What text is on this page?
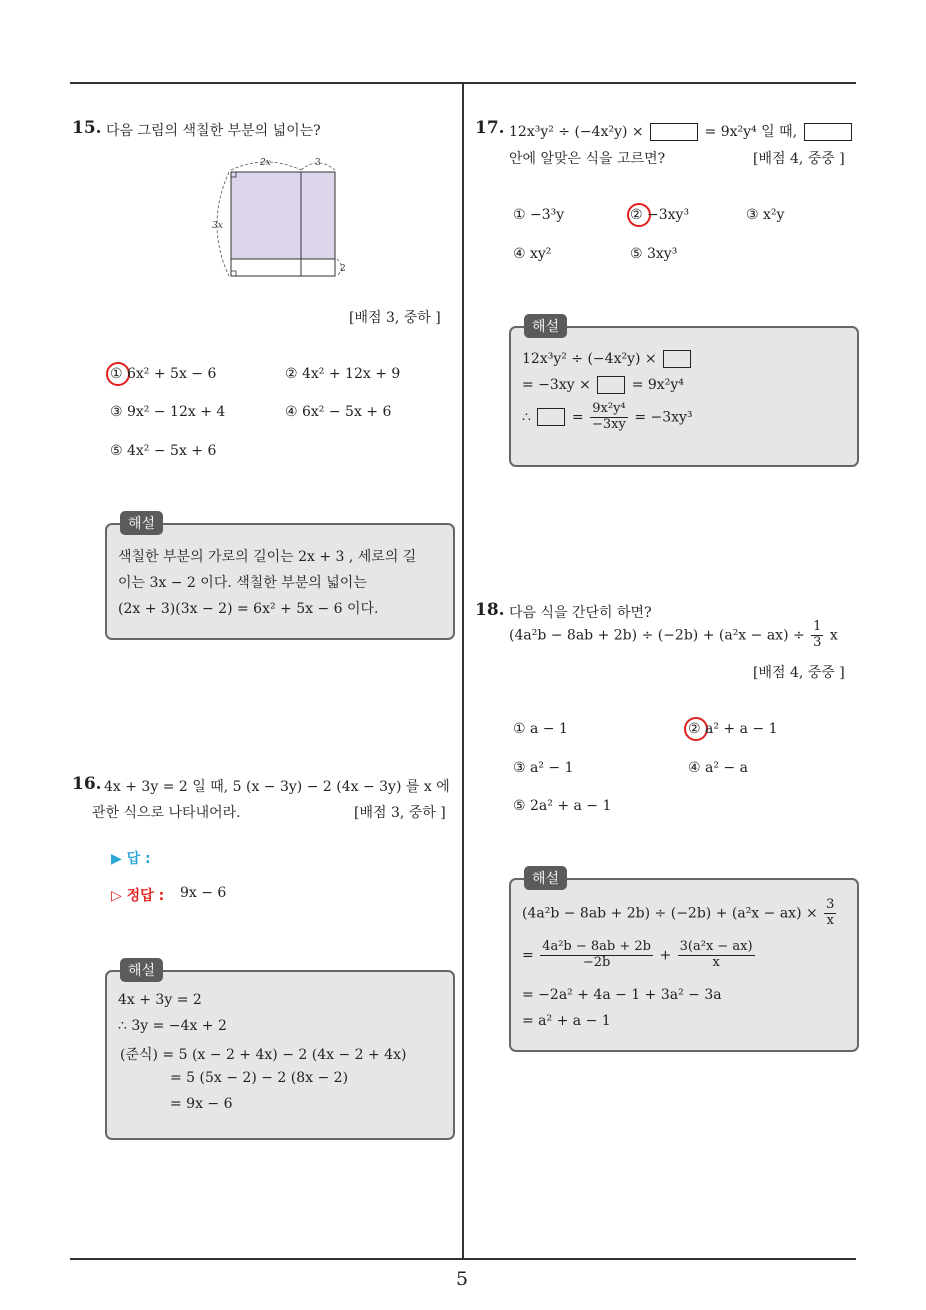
5
15. 다음 그림의 색칠한 부분의 넓이는?
2x	3
3x
2
[배점 3, 중하 ]
① 6x² + 5x − 6	② 4x² + 12x + 9
③ 9x² − 12x + 4	④ 6x² − 5x + 6
⑤ 4x² − 5x + 6
해설
색칠한 부분의 가로의 길이는 2x + 3 , 세로의 길
이는 3x − 2 이다. 색칠한 부분의 넓이는
(2x + 3)(3x − 2) = 6x² + 5x − 6 이다.
16. 4x + 3y = 2 일 때, 5 (x − 3y) − 2 (4x − 3y) 를 x 에
관한 식으로 나타내어라.	[배점 3, 중하 ]
▶ 답 :
▷ 정답 : 9x − 6
해설
4x + 3y = 2
∴ 3y = −4x + 2
(준식) = 5 (x − 2 + 4x) − 2 (4x − 2 + 4x)
= 5 (5x − 2) − 2 (8x − 2)
= 9x − 6
17. 12x³y² ÷ (−4x²y) ×	= 9x²y⁴ 일 때,
안에 알맞은 식을 고르면?	[배점 4, 중중 ]
① −3³y	② −3xy³	③ x²y
④ xy²	⑤ 3xy³
해설
12x³y² ÷ (−4x²y) ×
= −3xy ×	= 9x²y⁴
∴	= $\frac{\text{9x²y⁴}}{-3xy} = -3xy^3$
18. 다음 식을 간단히 하면?
$(4a^2b - 8ab + 2b) \div (-2b) + (a^2x - ax) \div \frac{1}{3}$ x
[배점 4, 중중 ]
① a − 1	② a² + a − 1
③ a² − 1	④ a² − a
⑤ 2a² + a − 1
해설
$(4a^2b - 8ab + 2b) \div (-2b) + (a^2x - ax) \times \frac{3}{x}$
= $\frac{\text{4a²b − 8ab + 2b}}{-2b} + \frac{\text{3(a²x − ax)}}{x}$
= −2a² + 4a − 1 + 3a² − 3a
= a² + a − 1
